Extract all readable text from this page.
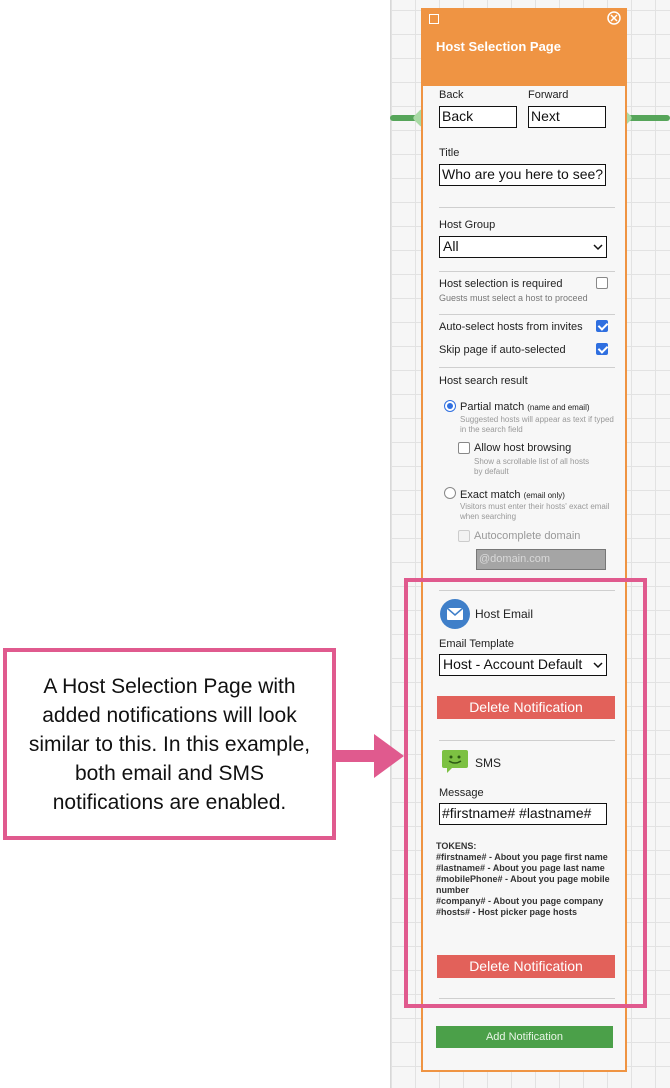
Host Selection Page
Back	Forward
Back	Next
Title
Who are you here to see?
Host Group
All
Host selection is required
Guests must select a host to proceed
Auto-select hosts from invites
Skip page if auto-selected
Host search result
Partial match (name and email)
Suggested hosts will appear as text if typed in the search field
Allow host browsing
Show a scrollable list of all hosts by default
Exact match (email only)
Visitors must enter their hosts' exact email when searching
Autocomplete domain
@domain.com
Host Email
Email Template
Host - Account Default
Delete Notification
SMS
Message
#firstname# #lastname#
TOKENS:
#firstname# - About you page first name
#lastname# - About you page last name
#mobilePhone# - About you page mobile number
#company# - About you page company
#hosts# - Host picker page hosts
Delete Notification
Add Notification
A Host Selection Page with added notifications will look similar to this. In this example, both email and SMS notifications are enabled.
